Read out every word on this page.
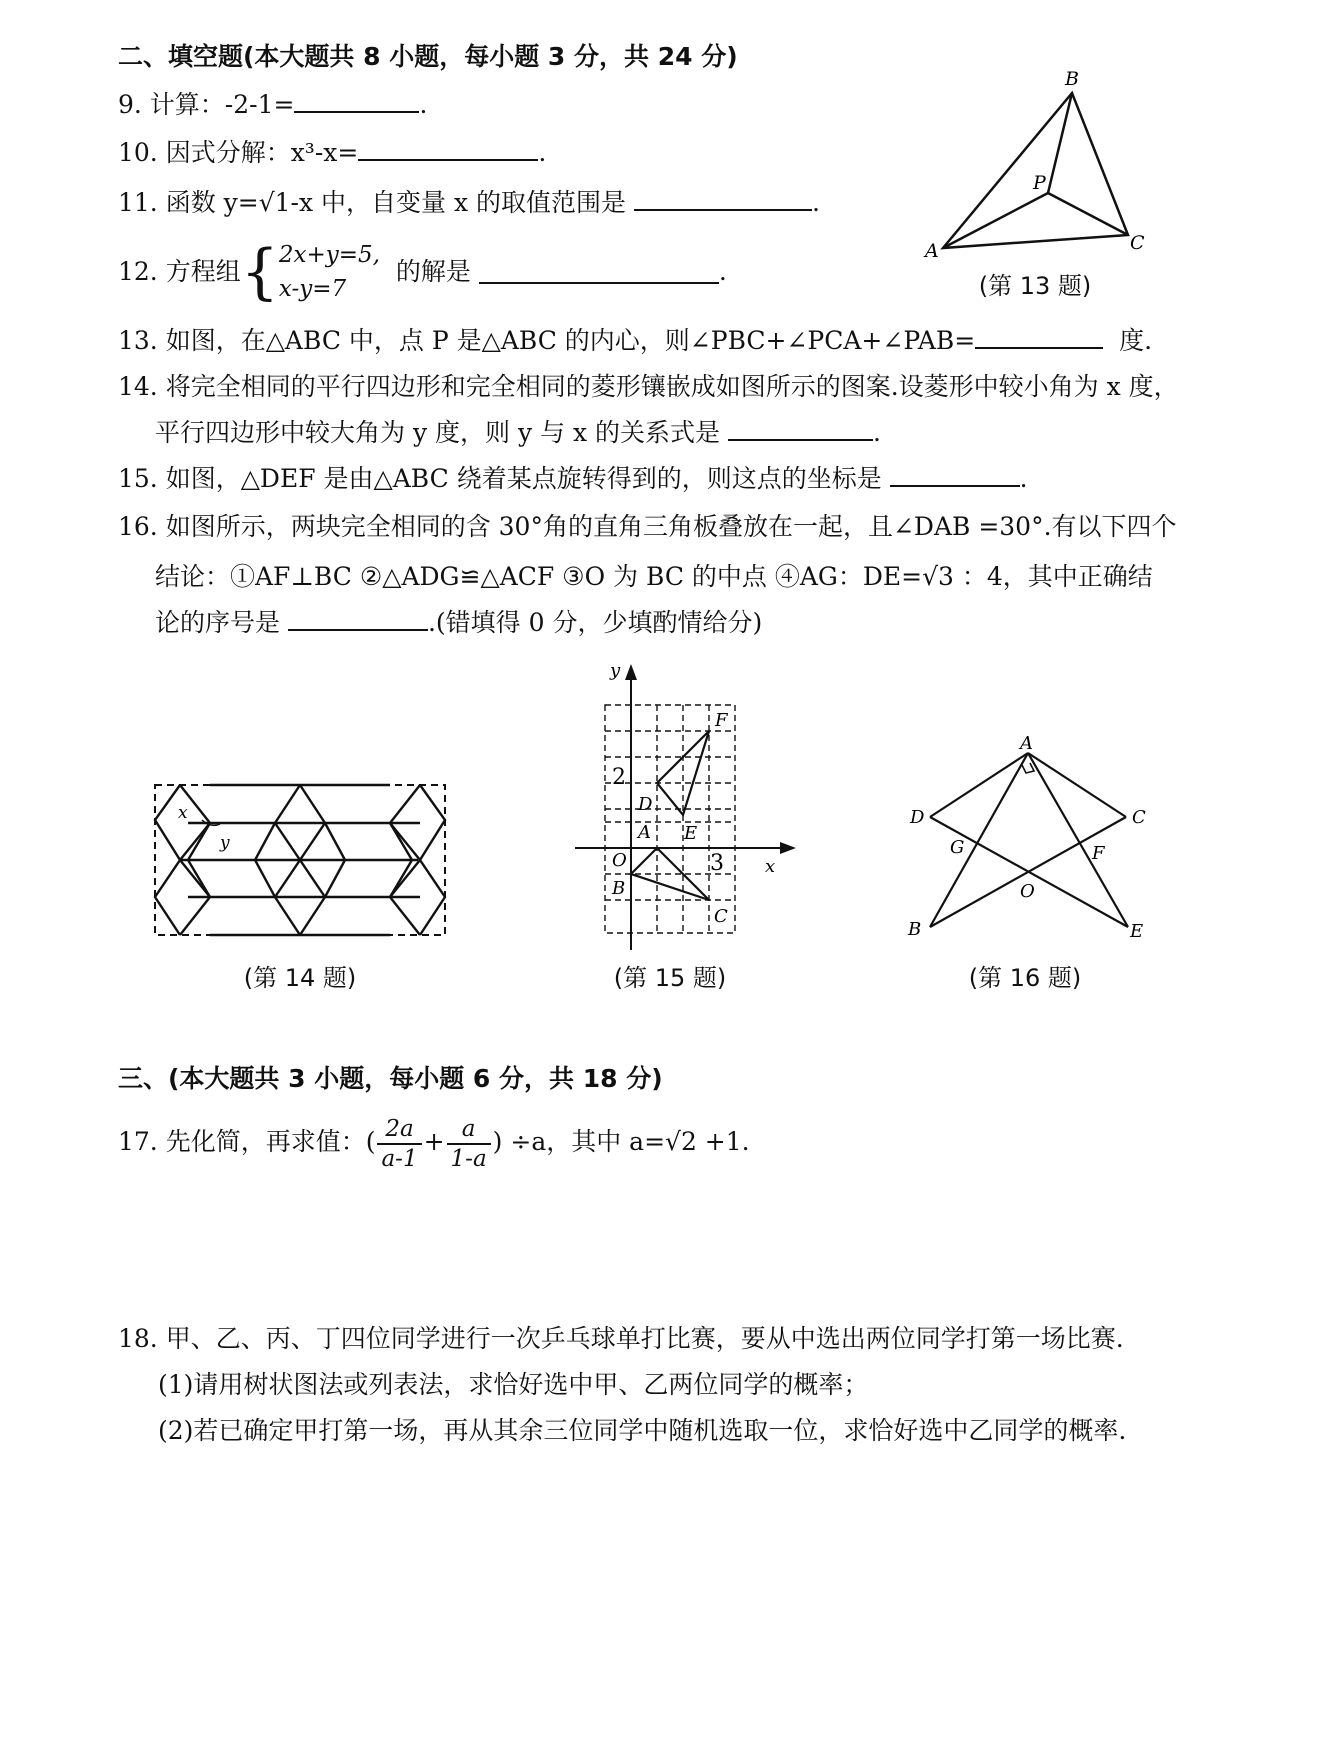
二、填空题(本大题共 8 小题，每小题 3 分，共 24 分)
9. 计算：-2-1=	.
10. 因式分解：x³-x=	.
11. 函数 y=√1-x 中，自变量 x 的取值范围是	.
12. 方程组{ 2x+y=5,
x-y=7
的解是	.
B
A	C
P
(第 13 题)
13. 如图，在△ABC 中，点 P 是△ABC 的内心，则∠PBC+∠PCA+∠PAB=	度.
14. 将完全相同的平行四边形和完全相同的菱形镶嵌成如图所示的图案.设菱形中较小角为 x 度，
平行四边形中较大角为 y 度，则 y 与 x 的关系式是	.
15. 如图，△DEF 是由△ABC 绕着某点旋转得到的，则这点的坐标是	.
16. 如图所示，两块完全相同的含 30°角的直角三角板叠放在一起，且∠DAB =30°.有以下四个
结论：①AF⊥BC ②△ADG≌△ACF ③O 为 BC 的中点 ④AG：DE=√3 ：4，其中正确结
论的序号是	.(错填得 0 分，少填酌情给分)
x
y
(第 14 题)
y
x
O
F
D
E
A
B
C
2
3
(第 15 题)
A
D	C
G	F
O
B	E
(第 16 题)
三、(本大题共 3 小题，每小题 6 分，共 18 分)
17. 先化简，再求值：( $\frac{2a}{a-1} + \frac{a}{1-a}$ ) ÷a，其中 a=√2 +1.
18. 甲、乙、丙、丁四位同学进行一次乒乓球单打比赛，要从中选出两位同学打第一场比赛.
(1)请用树状图法或列表法，求恰好选中甲、乙两位同学的概率；
(2)若已确定甲打第一场，再从其余三位同学中随机选取一位，求恰好选中乙同学的概率.
